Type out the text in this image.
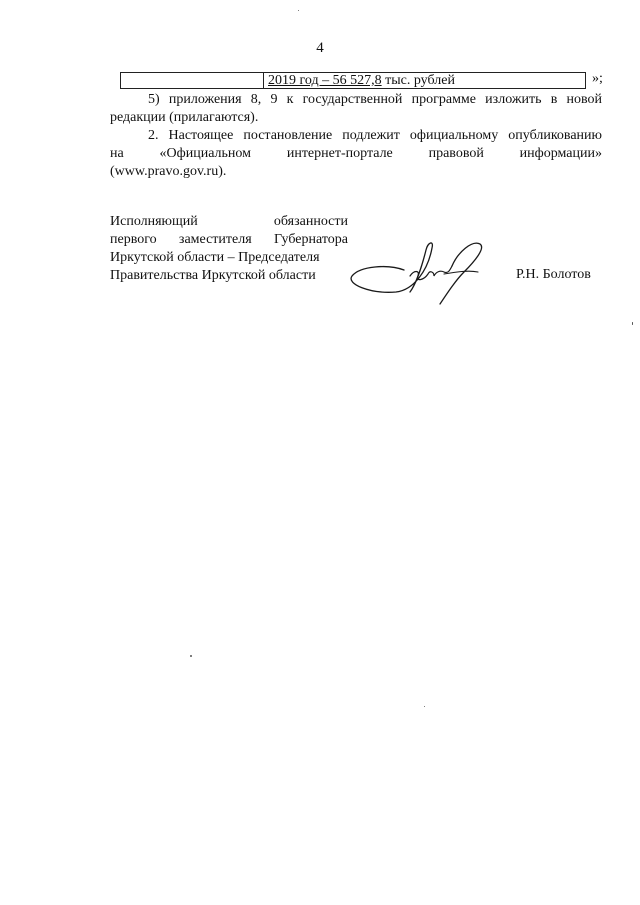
4
2019 год – 56 527,8 тыс. рублей	»;
5) приложения 8, 9 к государственной программе изложить в новой
редакции (прилагаются).
2. Настоящее постановление подлежит официальному опубликованию
на	«Официальном	интернет-портале	правовой	информации»
(www.pravo.gov.ru).
Исполняющий	обязанности
первого заместителя Губернатора
Иркутской области – Председателя
Правительства Иркутской области	Р.Н. Болотов
